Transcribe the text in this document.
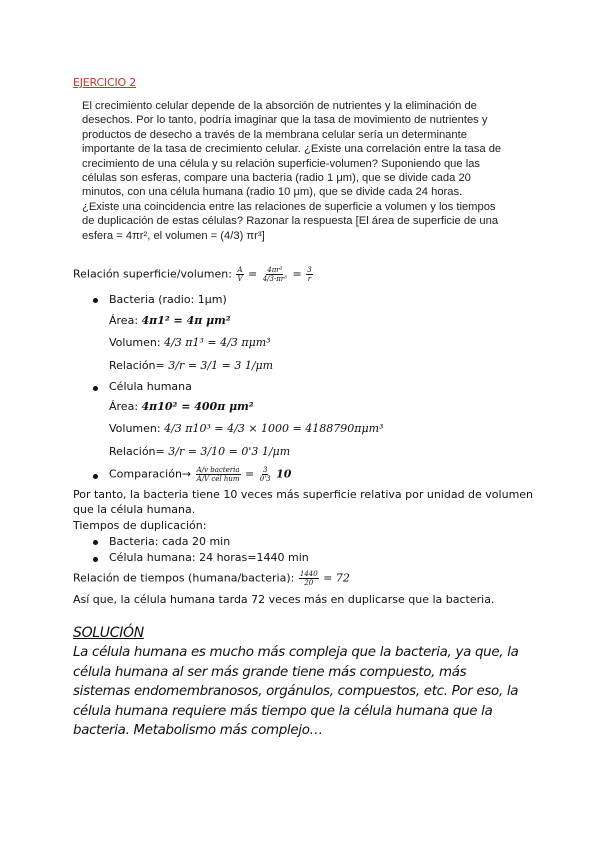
EJERCICIO 2
El crecimiento celular depende de la absorción de nutrientes y la eliminación de desechos. Por lo tanto, podría imaginar que la tasa de movimiento de nutrientes y productos de desecho a través de la membrana celular sería un determinante importante de la tasa de crecimiento celular. ¿Existe una correlación entre la tasa de crecimiento de una célula y su relación superficie-volumen? Suponiendo que las células son esferas, compare una bacteria (radio 1 μm), que se divide cada 20 minutos, con una célula humana (radio 10 μm), que se divide cada 24 horas. ¿Existe una coincidencia entre las relaciones de superficie a volumen y los tiempos de duplicación de estas células? Razonar la respuesta [El área de superficie de una esfera = 4πr², el volumen = (4/3) πr³]
Relación superficie/volumen: $\frac{A}{V} = \frac{\text{4πr²}}{\text{4/3·πr³}} = \frac{3}{r}$
Bacteria (radio: 1μm)
Área: 4π1² = 4π μm²
Volumen: 4/3 π1³ = 4/3 πμm³
Relación= 3/r = 3/1 = 3 1/μm
Célula humana
Área: 4π10² = 400π μm²
Volumen: 4/3 π10³ = 4/3 × 1000 = 4188790πμm³
Relación= 3/r = 3/10 = 0'3 1/μm
Comparación→ $\frac{\text{A/v bacteria}}{\text{A/V cél hum}} = \frac{3}{0'3} 10$
Por tanto, la bacteria tiene 10 veces más superficie relativa por unidad de volumen
que la célula humana.
Tiempos de duplicación:
Bacteria: cada 20 min
Célula humana: 24 horas=1440 min
Relación de tiempos (humana/bacteria): $\frac{1440}{20} = 72$
Así que, la célula humana tarda 72 veces más en duplicarse que la bacteria.
SOLUCIÓN
La célula humana es mucho más compleja que la bacteria, ya que, la célula humana al ser más grande tiene más compuesto, más sistemas endomembranosos, orgánulos, compuestos, etc. Por eso, la célula humana requiere más tiempo que la célula humana que la bacteria. Metabolismo más complejo…
